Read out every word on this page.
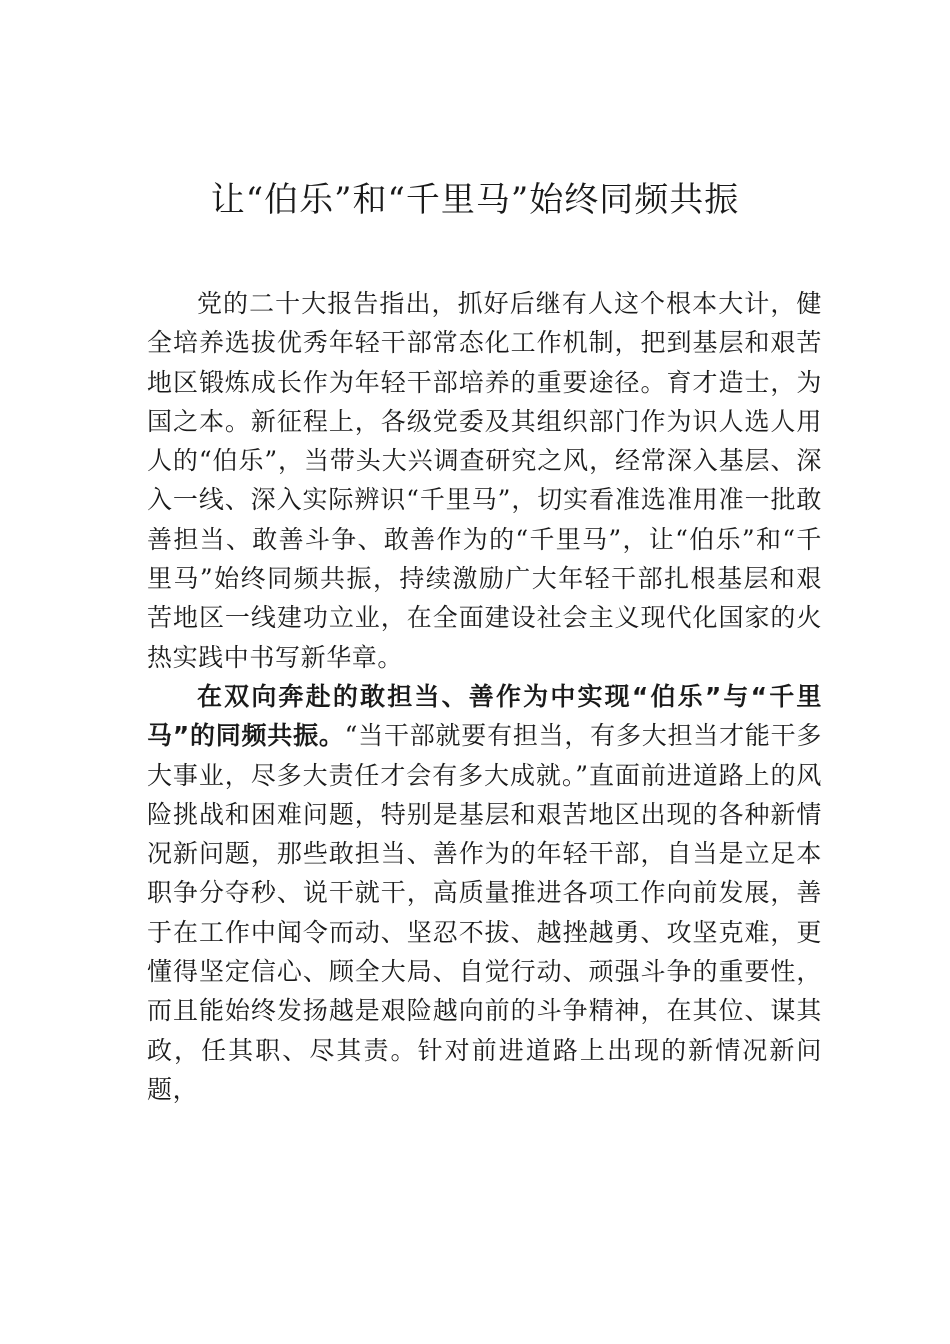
让“伯乐”和“千里马”始终同频共振

党的二十大报告指出，抓好后继有人这个根本大计，健全培养选拔优秀年轻干部常态化工作机制，把到基层和艰苦地区锻炼成长作为年轻干部培养的重要途径。育才造士，为国之本。新征程上，各级党委及其组织部门作为识人选人用人的“伯乐”，当带头大兴调查研究之风，经常深入基层、深入一线、深入实际辨识“千里马”，切实看准选准用准一批敢善担当、敢善斗争、敢善作为的“千里马”，让“伯乐”和“千里马”始终同频共振，持续激励广大年轻干部扎根基层和艰苦地区一线建功立业，在全面建设社会主义现代化国家的火热实践中书写新华章。

在双向奔赴的敢担当、善作为中实现“伯乐”与“千里马”的同频共振。“当干部就要有担当，有多大担当才能干多大事业，尽多大责任才会有多大成就。”直面前进道路上的风险挑战和困难问题，特别是基层和艰苦地区出现的各种新情况新问题，那些敢担当、善作为的年轻干部，自当是立足本职争分夺秒、说干就干，高质量推进各项工作向前发展，善于在工作中闻令而动、坚忍不拔、越挫越勇、攻坚克难，更懂得坚定信心、顾全大局、自觉行动、顽强斗争的重要性， 而且能始终发扬越是艰险越向前的斗争精神，在其位、谋其政，任其职、尽其责。针对前进道路上出现的新情况新问题，
